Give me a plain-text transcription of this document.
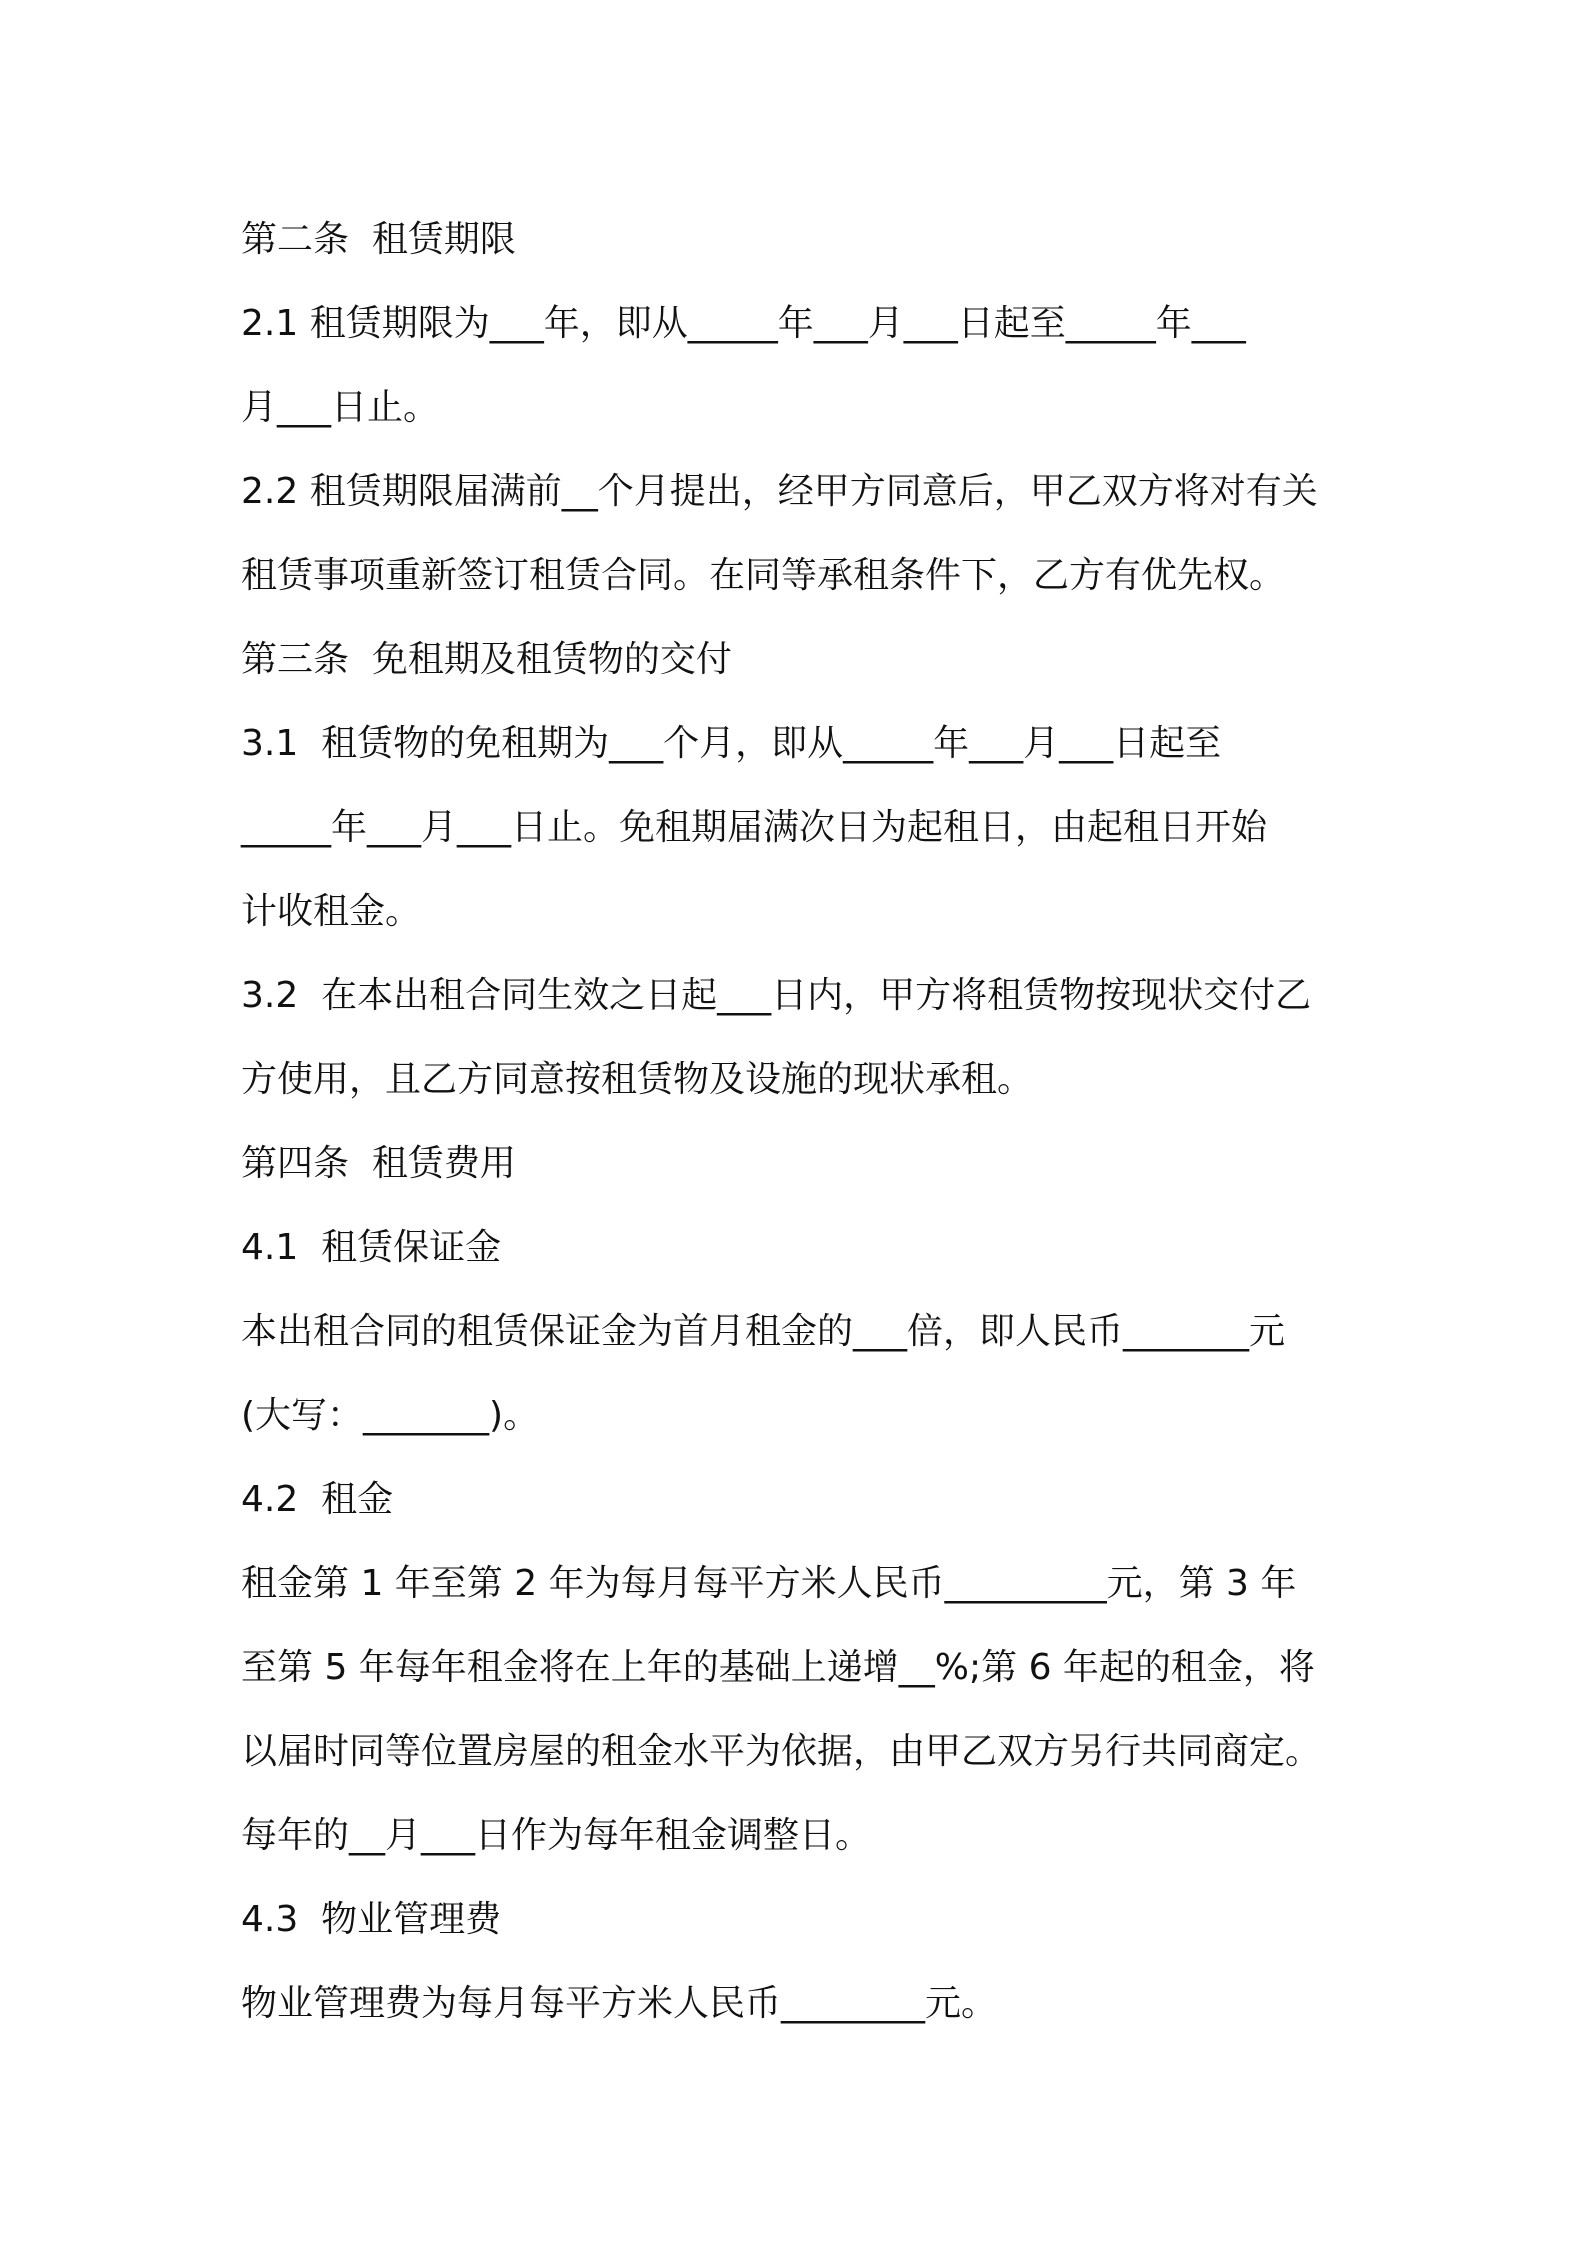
第二条  租赁期限

2.1 租赁期限为___年，即从_____年___月___日起至_____年___

月___日止。

2.2 租赁期限届满前__个月提出，经甲方同意后，甲乙双方将对有关

租赁事项重新签订租赁合同。在同等承租条件下，乙方有优先权。

第三条  免租期及租赁物的交付

3.1  租赁物的免租期为___个月，即从_____年___月___日起至

_____年___月___日止。免租期届满次日为起租日，由起租日开始

计收租金。

3.2  在本出租合同生效之日起___日内，甲方将租赁物按现状交付乙

方使用，且乙方同意按租赁物及设施的现状承租。

第四条  租赁费用

4.1  租赁保证金

本出租合同的租赁保证金为首月租金的___倍，即人民币_______元

(大写：_______)。

4.2  租金

租金第 1 年至第 2 年为每月每平方米人民币_________元，第 3 年

至第 5 年每年租金将在上年的基础上递增__%;第 6 年起的租金，将

以届时同等位置房屋的租金水平为依据，由甲乙双方另行共同商定。

每年的__月___日作为每年租金调整日。

4.3  物业管理费

物业管理费为每月每平方米人民币________元。
